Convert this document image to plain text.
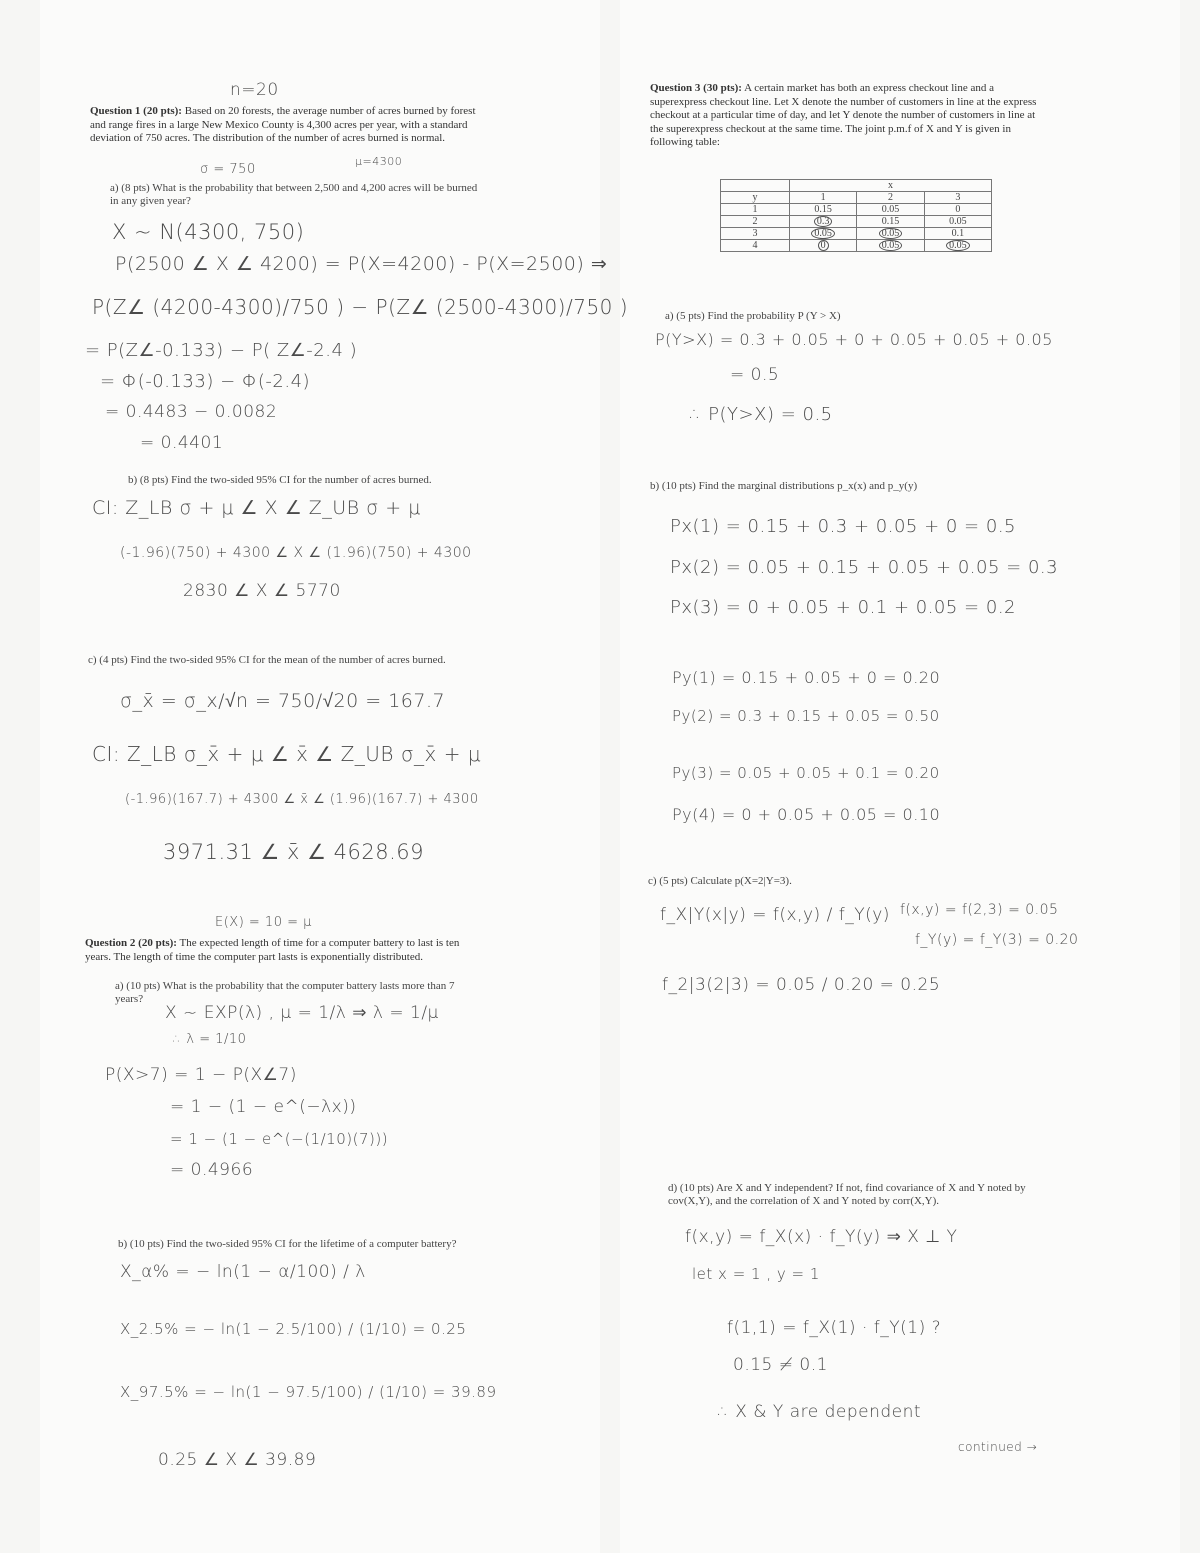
n=20
Question 1 (20 pts): Based on 20 forests, the average number of acres burned by forest and range fires in a large New Mexico County is 4,300 acres per year, with a standard deviation of 750 acres. The distribution of the number of acres burned is normal.
σ = 750
μ=4300
a) (8 pts) What is the probability that between 2,500 and 4,200 acres will be burned in any given year?
X ~ N(4300, 750)
P(2500 ∠ X ∠ 4200) = P(X=4200) - P(X=2500) ⇒
P(Z∠ (4200-4300)/750 ) − P(Z∠ (2500-4300)/750 )
= P(Z∠-0.133) − P( Z∠-2.4 )
= Φ(-0.133) − Φ(-2.4)
= 0.4483 − 0.0082
= 0.4401
b) (8 pts) Find the two-sided 95% CI for the number of acres burned.
CI: Z_LB σ + μ ∠ X ∠ Z_UB σ + μ
(-1.96)(750) + 4300 ∠ X ∠ (1.96)(750) + 4300
2830 ∠ X ∠ 5770
c) (4 pts) Find the two-sided 95% CI for the mean of the number of acres burned.
σ_x̄ = σ_x/√n = 750/√20 = 167.7
CI: Z_LB σ_x̄ + μ ∠ x̄ ∠ Z_UB σ_x̄ + μ
(-1.96)(167.7) + 4300 ∠ x̄ ∠ (1.96)(167.7) + 4300
3971.31 ∠ x̄ ∠ 4628.69
E(X) = 10 = μ
Question 2 (20 pts): The expected length of time for a computer battery to last is ten years. The length of time the computer part lasts is exponentially distributed.
a) (10 pts) What is the probability that the computer battery lasts more than 7 years?
X ~ EXP(λ) , μ = 1/λ ⇒ λ = 1/μ
∴ λ = 1/10
P(X>7) = 1 − P(X∠7)
= 1 − (1 − e^(−λx))
= 1 − (1 − e^(−(1/10)(7)))
= 0.4966
b) (10 pts) Find the two-sided 95% CI for the lifetime of a computer battery?
X_α% = − ln(1 − α/100) / λ
X_2.5% = − ln(1 − 2.5/100) / (1/10) = 0.25
X_97.5% = − ln(1 − 97.5/100) / (1/10) = 39.89
0.25 ∠ X ∠ 39.89
Question 3 (30 pts): A certain market has both an express checkout line and a superexpress checkout line. Let X denote the number of customers in line at the express checkout at a particular time of day, and let Y denote the number of customers in line at the superexpress checkout at the same time. The joint p.m.f of X and Y is given in following table:
	x		
y	1	2	3
1	0.15	0.05	0
2	0.3	0.15	0.05
3	0.05	0.05	0.1
4	0	0.05	0.05
a) (5 pts) Find the probability P (Y > X)
P(Y>X) = 0.3 + 0.05 + 0 + 0.05 + 0.05 + 0.05
= 0.5
∴ P(Y>X) = 0.5
b) (10 pts) Find the marginal distributions p_x(x) and p_y(y)
Px(1) = 0.15 + 0.3 + 0.05 + 0 = 0.5
Px(2) = 0.05 + 0.15 + 0.05 + 0.05 = 0.3
Px(3) = 0 + 0.05 + 0.1 + 0.05 = 0.2
Py(1) = 0.15 + 0.05 + 0 = 0.20
Py(2) = 0.3 + 0.15 + 0.05 = 0.50
Py(3) = 0.05 + 0.05 + 0.1 = 0.20
Py(4) = 0 + 0.05 + 0.05 = 0.10
c) (5 pts) Calculate p(X=2|Y=3).
f_X|Y(x|y) = f(x,y) / f_Y(y) f(x,y) = f(2,3) = 0.05
f_Y(y) = f_Y(3) = 0.20
f_2|3(2|3) = 0.05 / 0.20 = 0.25
d) (10 pts) Are X and Y independent? If not, find covariance of X and Y noted by cov(X,Y), and the correlation of X and Y noted by corr(X,Y).
f(x,y) = f_X(x) · f_Y(y) ⇒ X ⊥ Y
let x = 1 , y = 1
f(1,1) = f_X(1) · f_Y(1) ?
0.15 ≠ 0.1
∴ X & Y are dependent
continued →
